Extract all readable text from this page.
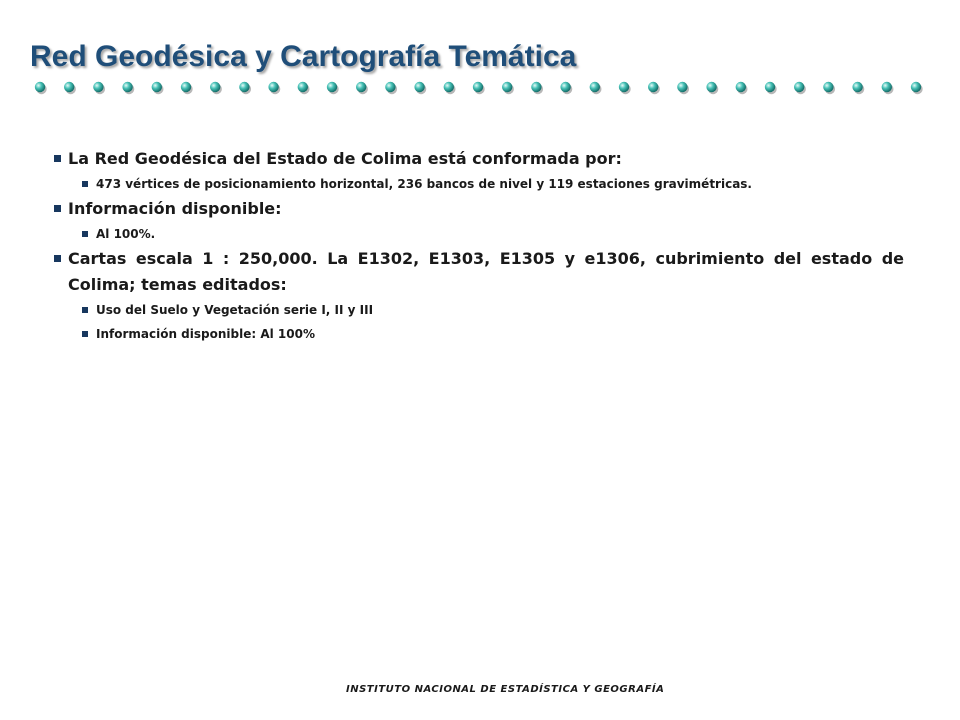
Red Geodésica y Cartografía Temática
La Red Geodésica del Estado de Colima está conformada por:
473 vértices de posicionamiento horizontal, 236 bancos de nivel y 119 estaciones gravimétricas.
Información disponible:
Al 100%.
Cartas escala 1 : 250,000. La E1302, E1303, E1305 y e1306, cubrimiento del estado de Colima; temas editados:
Uso del Suelo y Vegetación serie I, II y III
Información disponible: Al 100%
INSTITUTO NACIONAL DE ESTADÍSTICA Y GEOGRAFÍA
